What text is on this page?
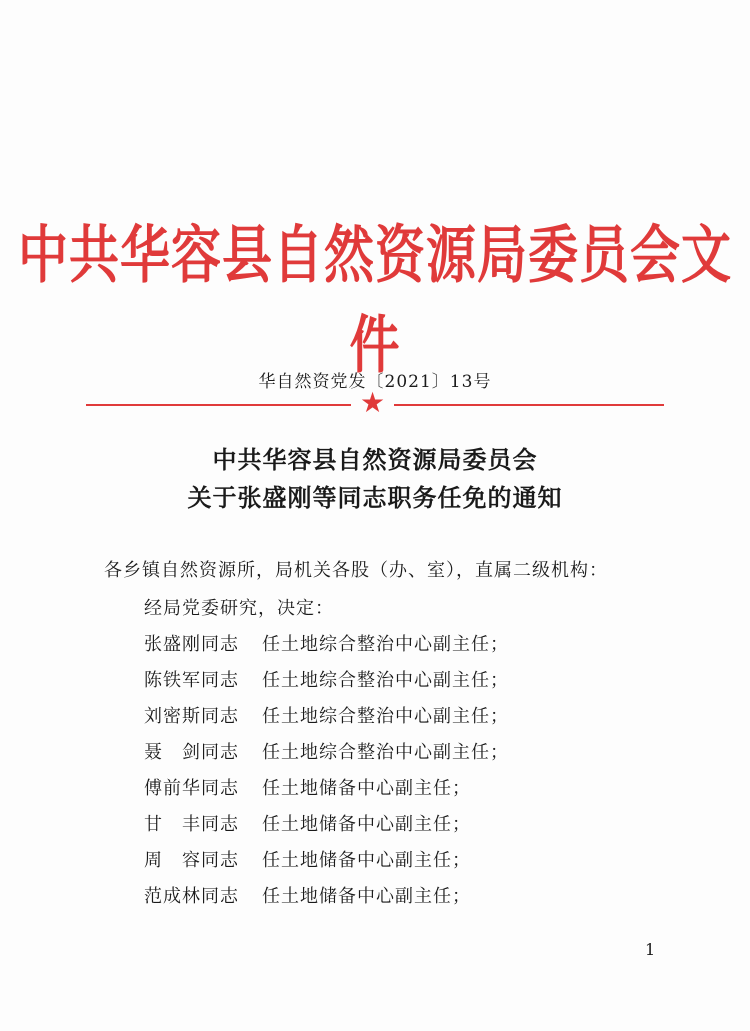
中共华容县自然资源局委员会文件
华自然资党发〔2021〕13号
★
中共华容县自然资源局委员会
关于张盛刚等同志职务任免的通知
各乡镇自然资源所，局机关各股（办、室），直属二级机构：
经局党委研究，决定：
张盛刚同志 任土地综合整治中心副主任；
陈铁军同志 任土地综合整治中心副主任；
刘密斯同志 任土地综合整治中心副主任；
聂　剑同志 任土地综合整治中心副主任；
傅前华同志 任土地储备中心副主任；
甘　丰同志 任土地储备中心副主任；
周　容同志 任土地储备中心副主任；
范成林同志 任土地储备中心副主任；
1
